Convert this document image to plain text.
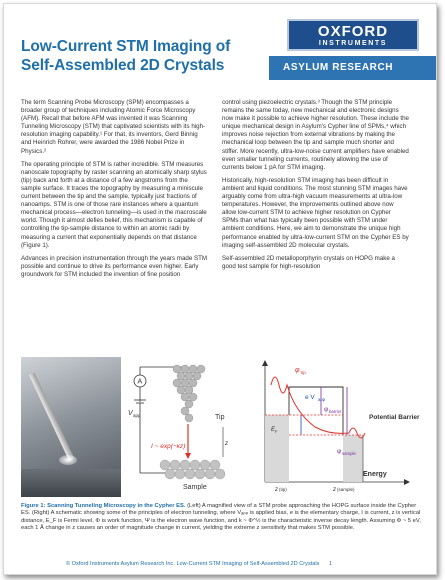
Low-Current STM Imaging of Self-Assembled 2D Crystals
OXFORD
INSTRUMENTS
ASYLUM RESEARCH

The term Scanning Probe Microscopy (SPM) encompasses a broader group of techniques including Atomic Force Microscopy (AFM). Recall that before AFM was invented it was Scanning Tunneling Microscopy (STM) that captivated scientists with its high-resolution imaging capability.¹ For that, its inventors, Gerd Binnig and Heinrich Rohrer, were awarded the 1986 Nobel Prize in Physics.²

The operating principle of STM is rather incredible. STM measures nanoscale topography by raster scanning an atomically sharp stylus (tip) back and forth at a distance of a few angstroms from the sample surface. It traces the topography by measuring a miniscule current between the tip and the sample, typically just fractions of nanoamps. STM is one of those rare instances where a quantum mechanical process—electron tunneling—is used in the macroscale world. Though it almost defies belief, this mechanism is capable of controlling the tip-sample distance to within an atomic radii by measuring a current that exponentially depends on that distance (Figure 1).

Advances in precision instrumentation through the years made STM possible and continue to drive its performance even higher. Early groundwork for STM included the invention of fine position

control using piezoelectric crystals.³ Though the STM principle remains the same today, new mechanical and electronic designs now make it possible to achieve higher resolution. These include the unique mechanical design in Asylum's Cypher line of SPMs,⁴ which improves noise rejection from external vibrations by making the mechanical loop between the tip and sample much shorter and stiffer. More recently, ultra-low-noise current amplifiers have enabled even smaller tunneling currents, routinely allowing the use of currents below 1 pA for STM imaging.

Historically, high-resolution STM imaging has been difficult in ambient and liquid conditions. The most stunning STM images have arguably come from ultra-high vacuum measurements at ultra-low temperatures. However, the improvements outlined above now allow low-current STM to achieve higher resolution on Cypher SPMs than what has typically been possible with STM under ambient conditions. Here, we aim to demonstrate the unique high performance enabled by ultra-low-current STM on the Cypher ES by imaging self-assembled 2D molecular crystals.

Self-assembled 2D metalloporphyrin crystals on HOPG make a good test sample for high-resolution

A
V app	Tip
I ~ exp(−κz)	z
Sample
Energy
φ tip
e V app
φ barrier
E F
φ sample
Potential Barrier
z (tip)	z (sample)
Figure 1: Scanning Tunneling Microscopy in the Cypher ES. (Left) A magnified view of a STM probe approaching the HOPG surface inside the Cypher ES. (Right) A schematic showing some of the principles of electron tunneling, where Vₐₚₚ is applied bias, e is the elementary charge, I is current, z is vertical distance, E_F is Fermi level, Φ is work function, Ψ is the electron wave function, and k ~ Φ^½ is the characteristic inverse decay length. Assuming Φ ~ 5 eV, each 1 Å change in z causes an order of magnitude change in current, yielding the extreme z sensitivity that makes STM possible.
© Oxford Instruments Asylum Research Inc. Low-Current STM Imaging of Self-Assembled 2D Crystals 1
